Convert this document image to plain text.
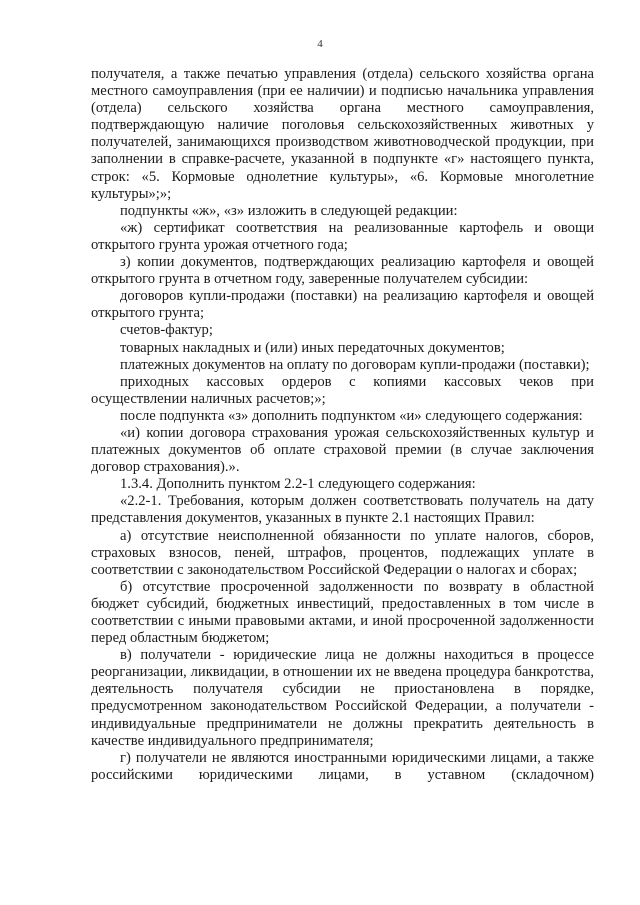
4

получателя, а также печатью управления (отдела) сельского хозяйства органа местного самоуправления (при ее наличии) и подписью начальника управления (отдела) сельского хозяйства органа местного самоуправления, подтверждающую наличие поголовья сельскохозяйственных животных у получателей, занимающихся производством животноводческой продукции, при заполнении в справке-расчете, указанной в подпункте «г» настоящего пункта, строк: «5. Кормовые однолетние культуры», «6. Кормовые многолетние культуры»;»;

подпункты «ж», «з» изложить в следующей редакции:

«ж) сертификат соответствия на реализованные картофель и овощи открытого грунта урожая отчетного года;

з) копии документов, подтверждающих реализацию картофеля и овощей открытого грунта в отчетном году, заверенные получателем субсидии:

договоров купли-продажи (поставки) на реализацию картофеля и овощей открытого грунта;

счетов-фактур;

товарных накладных и (или) иных передаточных документов;

платежных документов на оплату по договорам купли-продажи (поставки);

приходных кассовых ордеров с копиями кассовых чеков при осуществлении наличных расчетов;»;

после подпункта «з» дополнить подпунктом «и» следующего содержания:

«и) копии договора страхования урожая сельскохозяйственных культур и платежных документов об оплате страховой премии (в случае заключения договор страхования).».

1.3.4. Дополнить пунктом 2.2-1 следующего содержания:

«2.2-1. Требования, которым должен соответствовать получатель на дату представления документов, указанных в пункте 2.1 настоящих Правил:

а) отсутствие неисполненной обязанности по уплате налогов, сборов, страховых взносов, пеней, штрафов, процентов, подлежащих уплате в соответствии с законодательством Российской Федерации о налогах и сборах;

б) отсутствие просроченной задолженности по возврату в областной бюджет субсидий, бюджетных инвестиций, предоставленных в том числе в соответствии с иными правовыми актами, и иной просроченной задолженности перед областным бюджетом;

в) получатели - юридические лица не должны находиться в процессе реорганизации, ликвидации, в отношении их не введена процедура банкротства, деятельность получателя субсидии не приостановлена в порядке, предусмотренном законодательством Российской Федерации, а получатели - индивидуальные предприниматели не должны прекратить деятельность в качестве индивидуального предпринимателя;

г) получатели не являются иностранными юридическими лицами, а также российскими юридическими лицами, в уставном (складочном)
